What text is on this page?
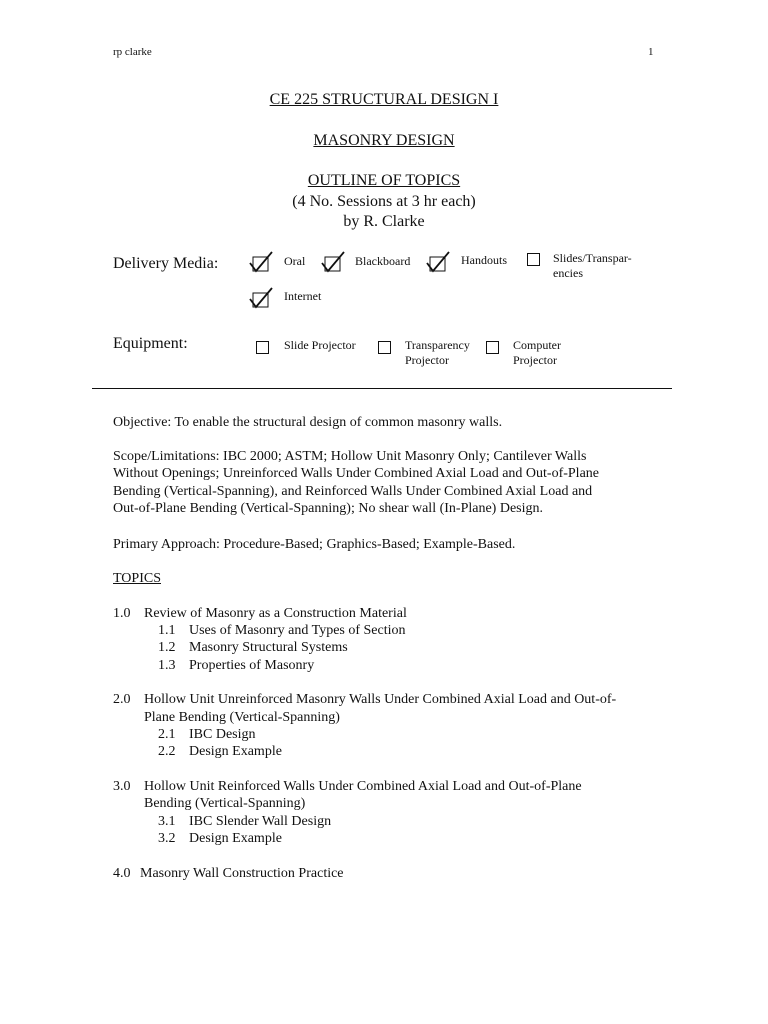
rp clarke	1
CE 225 STRUCTURAL DESIGN I
MASONRY DESIGN
OUTLINE OF TOPICS
(4 No. Sessions at 3 hr each)
by R. Clarke
Delivery Media:	Oral	Blackboard	Handouts	Slides/Transpar-
encies
Internet
Equipment:	Slide Projector	Transparency
Projector
Computer
Projector
Objective: To enable the structural design of common masonry walls.
Scope/Limitations: IBC 2000; ASTM; Hollow Unit Masonry Only; Cantilever Walls
Without Openings; Unreinforced Walls Under Combined Axial Load and Out-of-Plane
Bending (Vertical-Spanning), and Reinforced Walls Under Combined Axial Load and
Out-of-Plane Bending (Vertical-Spanning); No shear wall (In-Plane) Design.
Primary Approach: Procedure-Based; Graphics-Based; Example-Based.
TOPICS
1.0 Review of Masonry as a Construction Material
1.1 Uses of Masonry and Types of Section
1.2 Masonry Structural Systems
1.3 Properties of Masonry
2.0 Hollow Unit Unreinforced Masonry Walls Under Combined Axial Load and Out-of-
Plane Bending (Vertical-Spanning)
2.1 IBC Design
2.2 Design Example
3.0 Hollow Unit Reinforced Walls Under Combined Axial Load and Out-of-Plane
Bending (Vertical-Spanning)
3.1 IBC Slender Wall Design
3.2 Design Example
4.0 Masonry Wall Construction Practice
